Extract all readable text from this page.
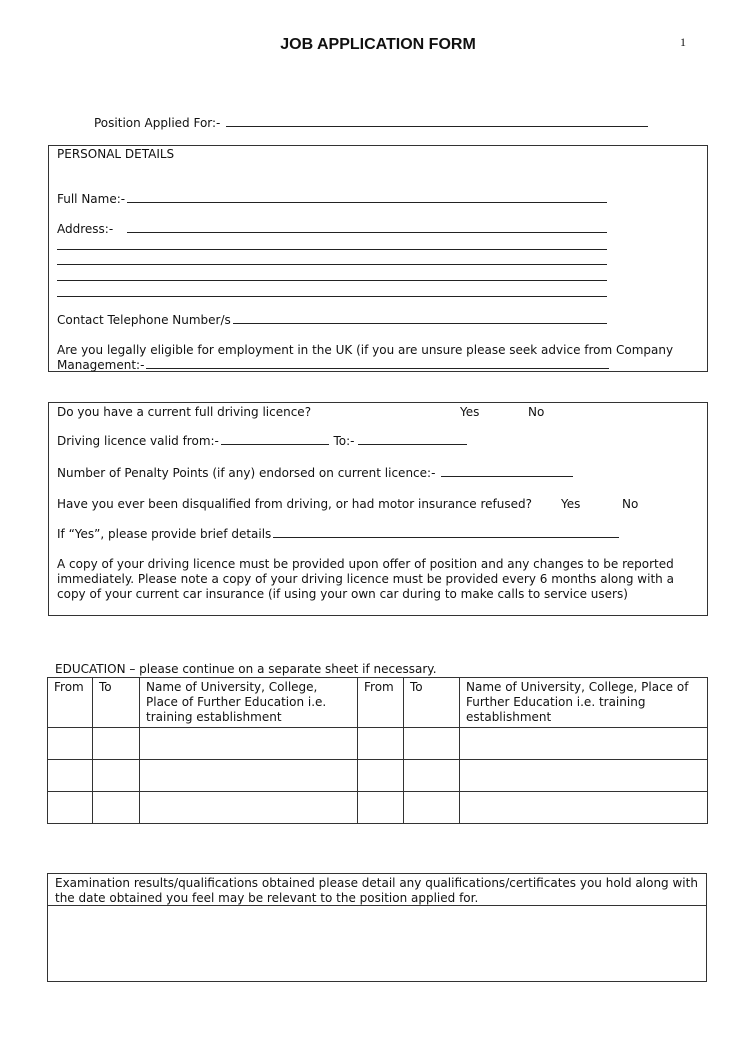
JOB APPLICATION FORM	1
Position Applied For:-
PERSONAL DETAILS
Full Name:-
Address:-
Contact Telephone Number/s
Are you legally eligible for employment in the UK (if you are unsure please seek advice from Company
Management:-
Do you have a current full driving licence?	Yes	No
Driving licence valid from:-	To:-
Number of Penalty Points (if any) endorsed on current licence:-
Have you ever been disqualified from driving, or had motor insurance refused? Yes	No
If “Yes”, please provide brief details
A copy of your driving licence must be provided upon offer of position and any changes to be reported
immediately. Please note a copy of your driving licence must be provided every 6 months along with a
copy of your current car insurance (if using your own car during to make calls to service users)
EDUCATION – please continue on a separate sheet if necessary.
From	To	Name of University, College, Place of Further Education i.e. training establishment	From	To	Name of University, College, Place of Further Education i.e. training establishment

Examination results/qualifications obtained please detail any qualifications/certificates you hold along with
the date obtained you feel may be relevant to the position applied for.
